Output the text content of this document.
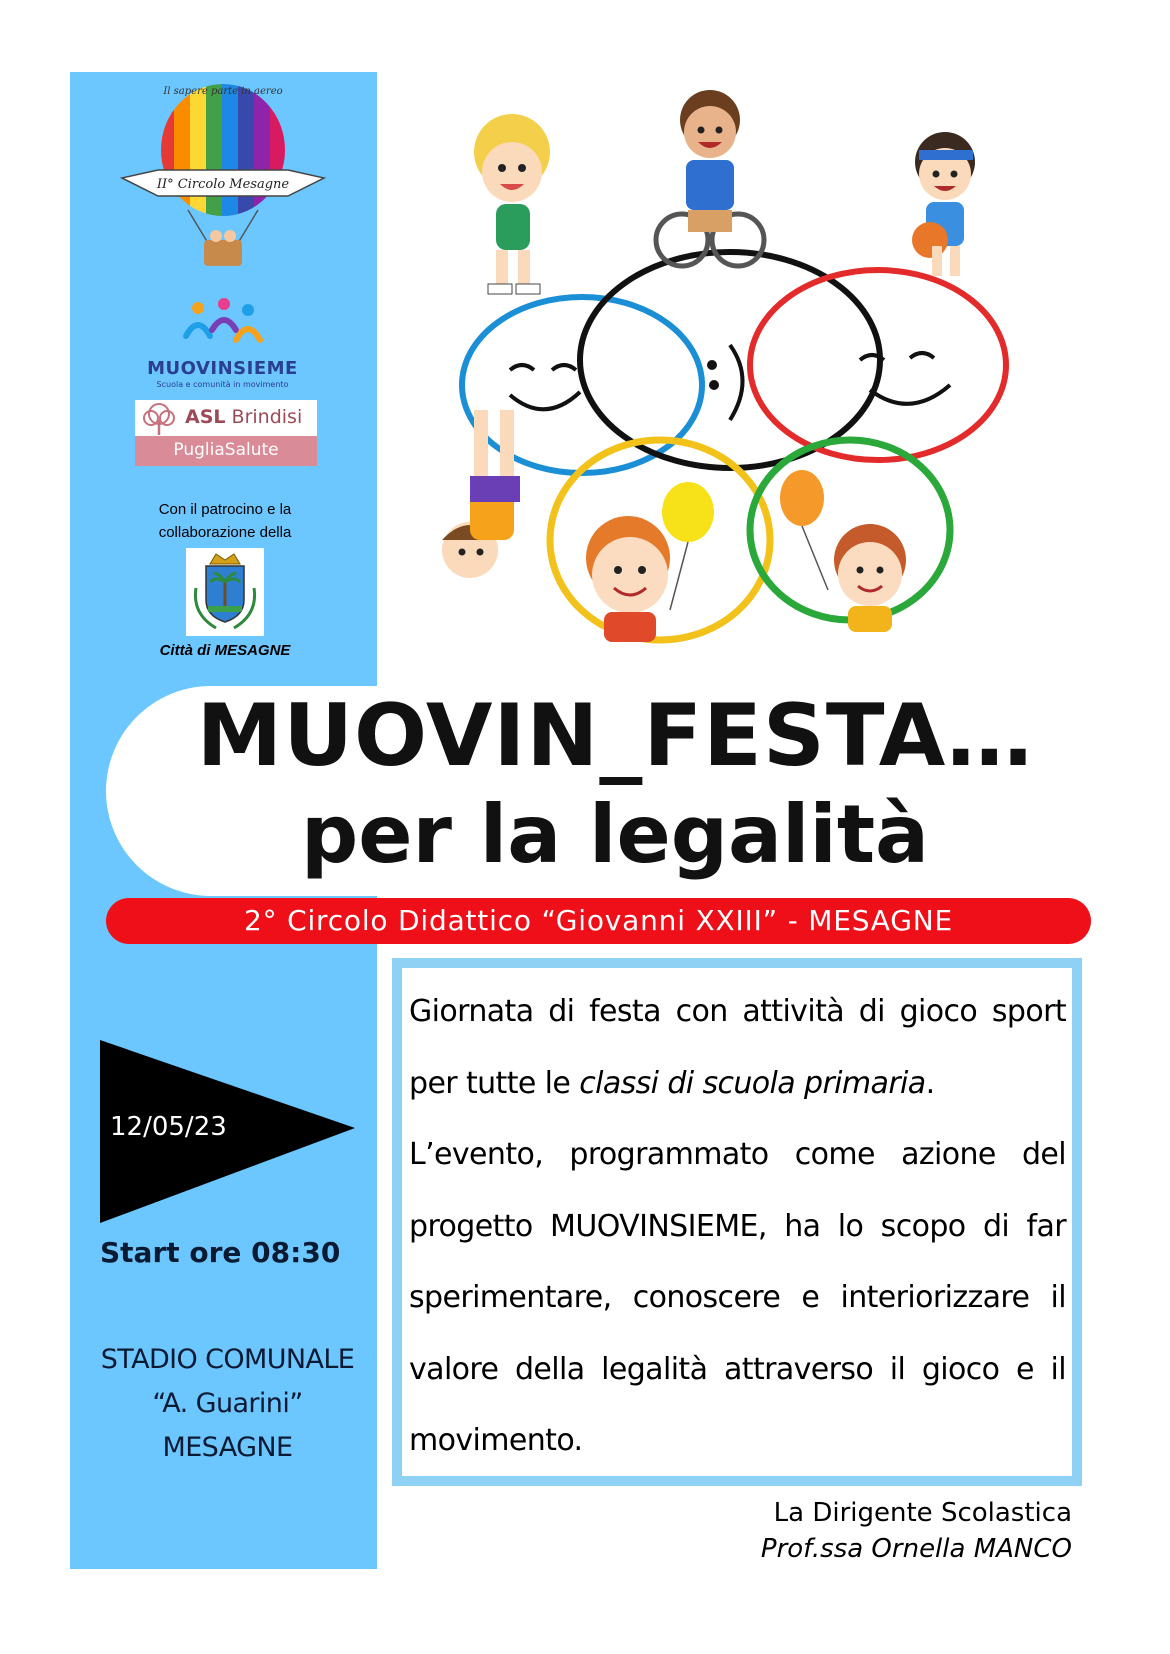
Il sapere parte in aereo
II° Circolo Mesagne
MUOVINSIEME
Scuola e comunità in movimento
ASL Brindisi
PugliaSalute
Con il patrocino e la
collaborazione della
Città di MESAGNE
MUOVIN_FESTA…
per la legalità
2° Circolo Didattico “Giovanni XXIII” - MESAGNE
12/05/23
Start ore 08:30
STADIO COMUNALE
“A. Guarini”
MESAGNE

Giornata di festa con attività di gioco sport per tutte le classi di scuola primaria.

L’evento, programmato come azione del progetto MUOVINSIEME, ha lo scopo di far sperimentare, conoscere e interiorizzare il valore della legalità attraverso il gioco e il movimento.

La Dirigente Scolastica
Prof.ssa Ornella MANCO
